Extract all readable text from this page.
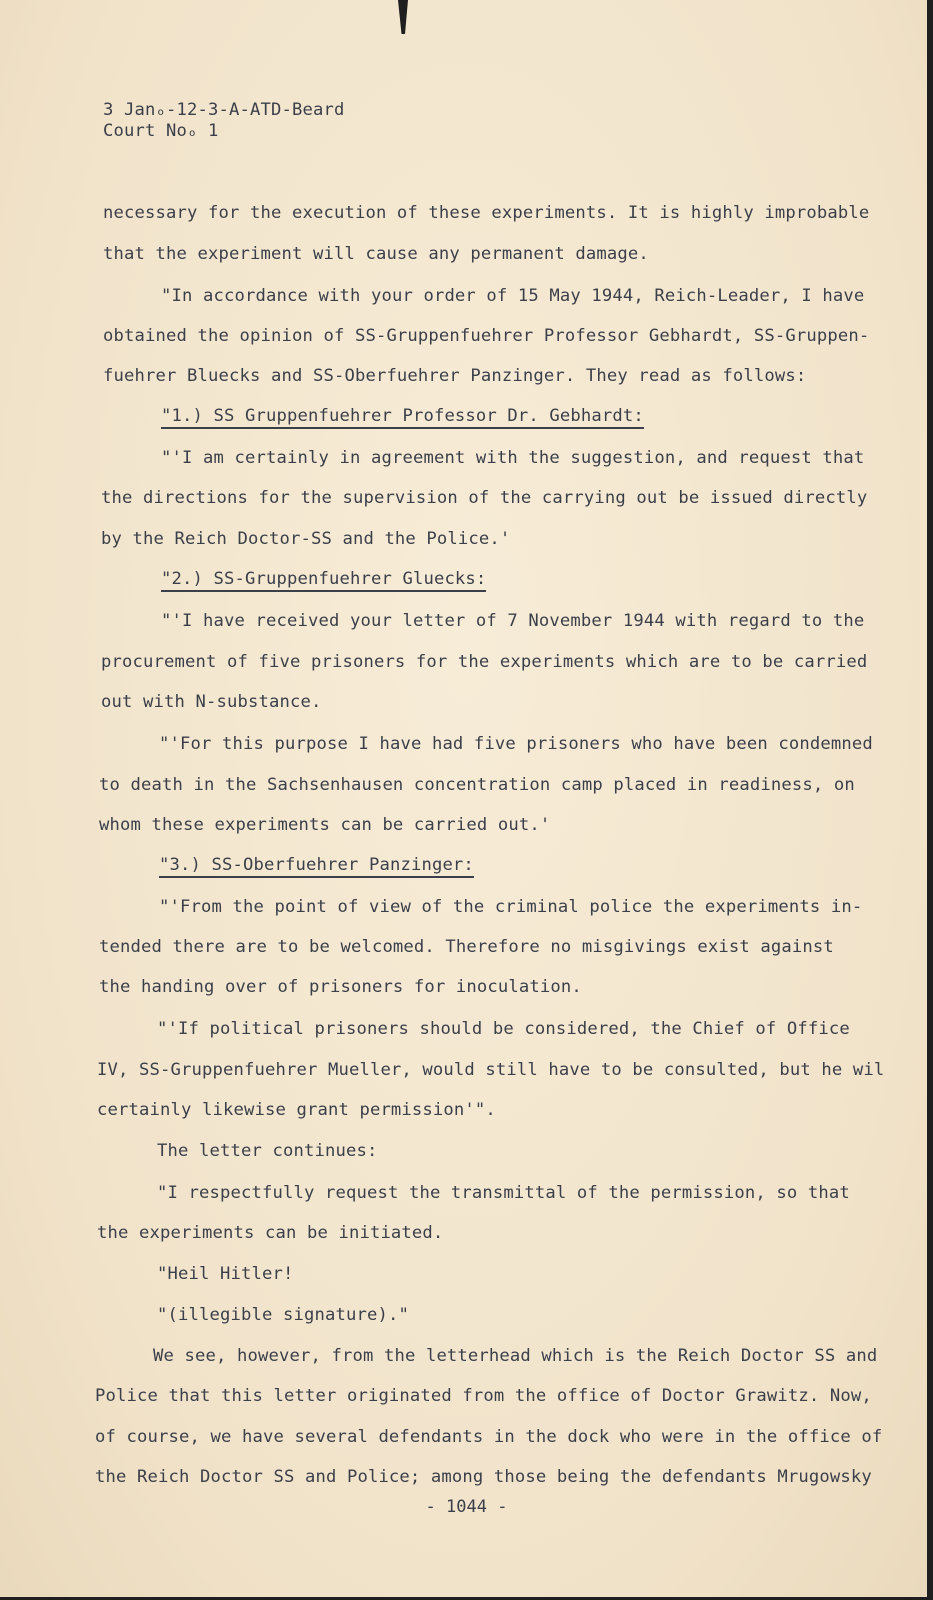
3 Janₒ-12-3-A-ATD-Beard
Court Noₒ 1
necessary for the execution of these experiments. It is highly improbable
that the experiment will cause any permanent damage.
"In accordance with your order of 15 May 1944, Reich-Leader, I have
obtained the opinion of SS-Gruppenfuehrer Professor Gebhardt, SS-Gruppen-
fuehrer Bluecks and SS-Oberfuehrer Panzinger. They read as follows:
"1.) SS Gruppenfuehrer Professor Dr. Gebhardt:
"'I am certainly in agreement with the suggestion, and request that
the directions for the supervision of the carrying out be issued directly
by the Reich Doctor-SS and the Police.'
"2.) SS-Gruppenfuehrer Gluecks:
"'I have received your letter of 7 November 1944 with regard to the
procurement of five prisoners for the experiments which are to be carried
out with N-substance.
"'For this purpose I have had five prisoners who have been condemned
to death in the Sachsenhausen concentration camp placed in readiness, on
whom these experiments can be carried out.'
"3.) SS-Oberfuehrer Panzinger:
"'From the point of view of the criminal police the experiments in-
tended there are to be welcomed. Therefore no misgivings exist against
the handing over of prisoners for inoculation.
"'If political prisoners should be considered, the Chief of Office
IV, SS-Gruppenfuehrer Mueller, would still have to be consulted, but he wil
certainly likewise grant permission'".
The letter continues:
"I respectfully request the transmittal of the permission, so that
the experiments can be initiated.
"Heil Hitler!
"(illegible signature)."
We see, however, from the letterhead which is the Reich Doctor SS and
Police that this letter originated from the office of Doctor Grawitz. Now,
of course, we have several defendants in the dock who were in the office of
the Reich Doctor SS and Police; among those being the defendants Mrugowsky
- 1044 -
